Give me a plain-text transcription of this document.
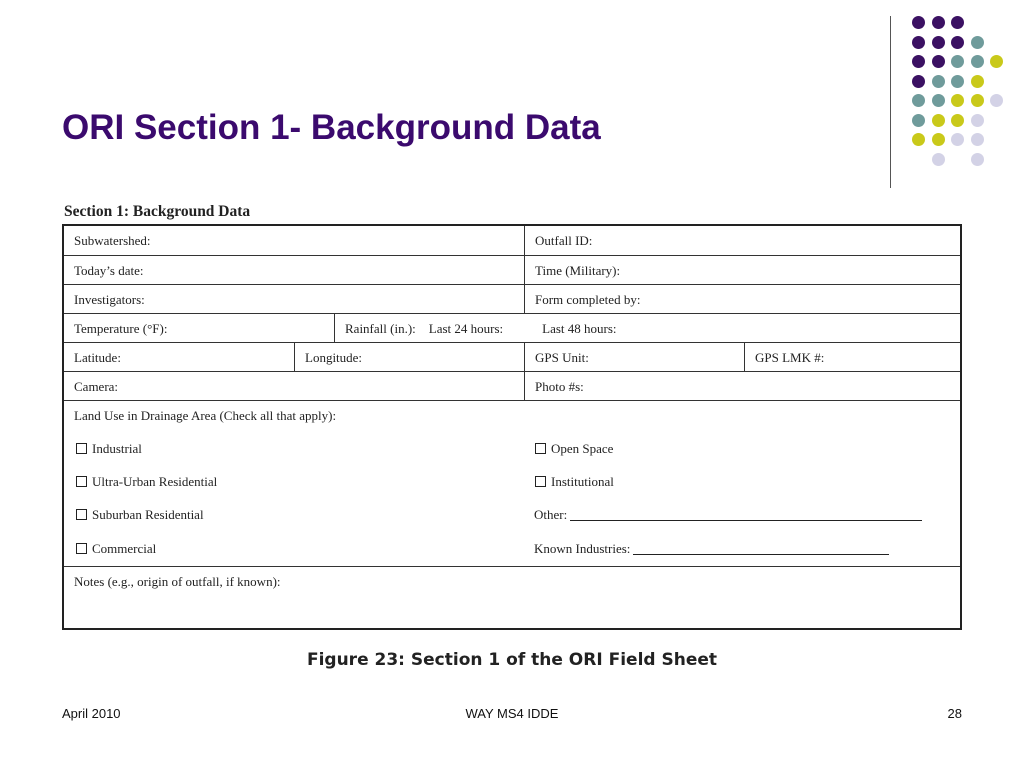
ORI Section 1- Background Data
Section 1: Background Data
Subwatershed:	Outfall ID:
Today’s date:	Time (Military):
Investigators:	Form completed by:
Temperature (°F):	Rainfall (in.):    Last 24 hours:            Last 48 hours:
Latitude:	Longitude:	GPS Unit:	GPS LMK #:
Camera:	Photo #s:
Land Use in Drainage Area (Check all that apply):
Industrial
Ultra-Urban Residential
Suburban Residential
Commercial
Open Space
Institutional
Other:
Known Industries:
Notes (e.g., origin of outfall, if known):
Figure 23: Section 1 of the ORI Field Sheet
April 2010	WAY MS4 IDDE	28
